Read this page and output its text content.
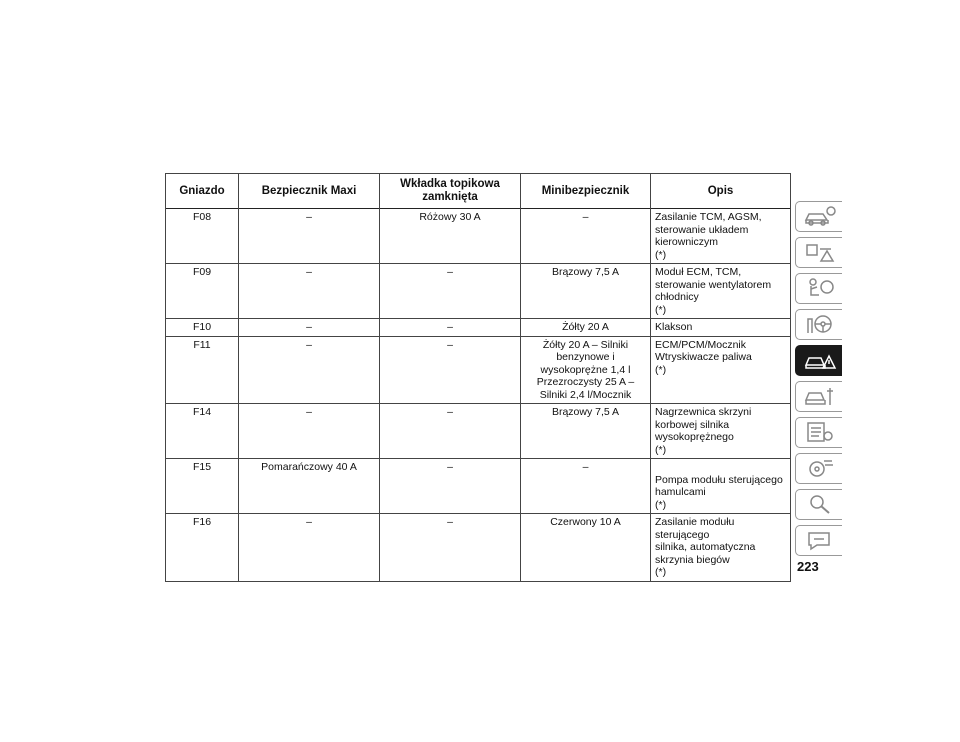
Gniazdo	Bezpiecznik Maxi	Wkładka topikowa zamknięta	Minibezpiecznik	Opis
F08	–	Różowy 30 A	–	Zasilanie TCM, AGSM,
sterowanie układem
kierowniczym
(*)

F09	–	–	Brązowy 7,5 A	Moduł ECM, TCM,
sterowanie wentylatorem
chłodnicy
(*)

F10	–	–	Żółty 20 A	Klakson

F11	–	–	Żółty 20 A – Silniki
benzynowe i
wysokoprężne 1,4 l
Przezroczysty 25 A –
Silniki 2,4 l/Mocznik	ECM/PCM/Mocznik
Wtryskiwacze paliwa
(*)

F14	–	–	Brązowy 7,5 A	Nagrzewnica skrzyni
korbowej silnika
wysokoprężnego
(*)

F15	Pomarańczowy 40 A	–	–	Pompa modułu sterującego
hamulcami
(*)

F16	–	–	Czerwony 10 A	Zasilanie modułu sterującego
silnika, automatyczna
skrzynia biegów
(*)	223
